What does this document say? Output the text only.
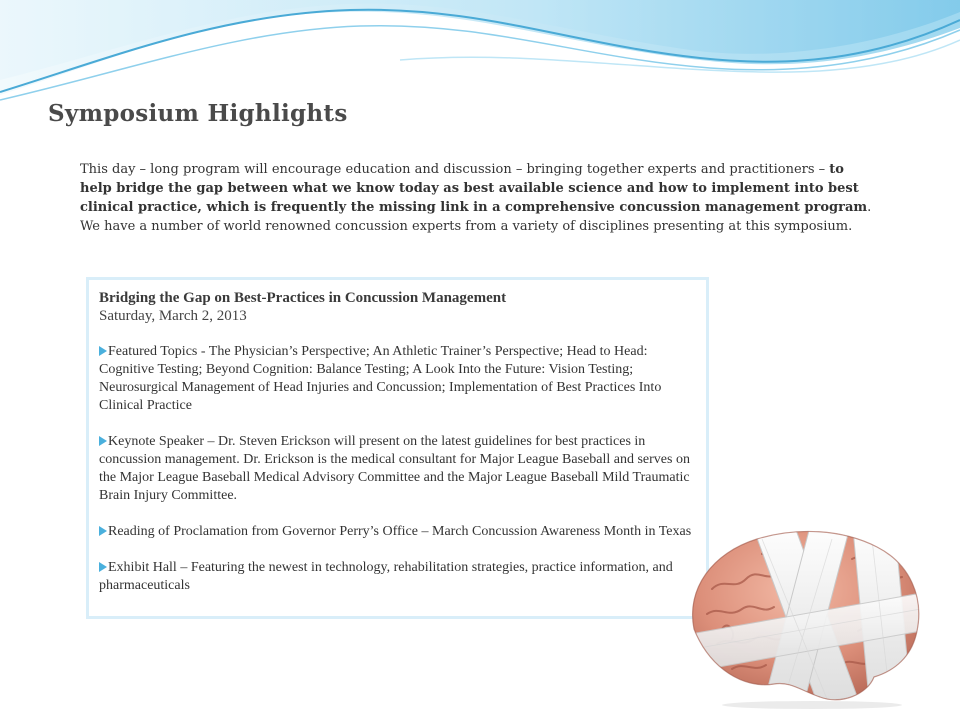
Symposium Highlights

This day – long program will encourage education and discussion – bringing together experts and practitioners – to help bridge the gap between what we know today as best available science and how to implement into best clinical practice, which is frequently the missing link in a comprehensive concussion management program. We have a number of world renowned concussion experts from a variety of disciplines presenting at this symposium.

Bridging the Gap on Best-Practices in Concussion Management

Saturday, March 2, 2013

Featured Topics - The Physician’s Perspective; An Athletic Trainer’s Perspective; Head to Head: Cognitive Testing; Beyond Cognition: Balance Testing; A Look Into the Future: Vision Testing; Neurosurgical Management of Head Injuries and Concussion; Implementation of Best Practices Into Clinical Practice
Keynote Speaker – Dr. Steven Erickson will present on the latest guidelines for best practices in concussion management. Dr. Erickson is the medical consultant for Major League Baseball and serves on the Major League Baseball Medical Advisory Committee and the Major League Baseball Mild Traumatic Brain Injury Committee.
Reading of Proclamation from Governor Perry’s Office – March Concussion Awareness Month in Texas
Exhibit Hall – Featuring the newest in technology, rehabilitation strategies, practice information, and pharmaceuticals
